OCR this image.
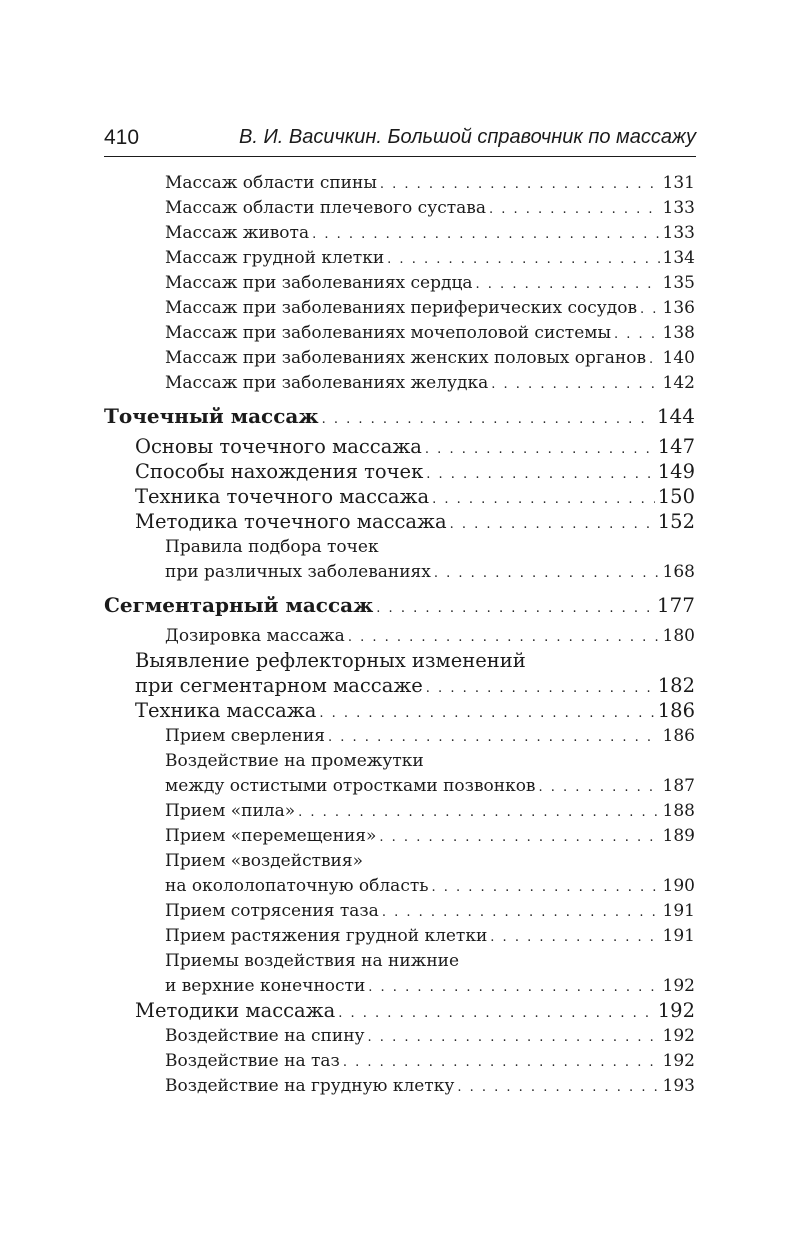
410	В. И. Васичкин. Большой справочник по массажу
Массаж области спины . . .	131
Массаж области плечевого сустава . . .	133
Массаж живота . . .	133
Массаж грудной клетки . . .	134
Массаж при заболеваниях сердца . . .	135
Массаж при заболеваниях периферических сосудов . . . 136
Массаж при заболеваниях мочеполовой системы . . .	138
Массаж при заболеваниях женских половых органов . . . 140
Массаж при заболеваниях желудка . . .	142
Точечный массаж . . .	144
Основы точечного массажа . . .	147
Способы нахождения точек . . .	149
Техника точечного массажа . . .	150
Методика точечного массажа . . .	152
Правила подбора точек
при различных заболеваниях . . .	168
Сегментарный массаж . . .	177
Дозировка массажа . . .	180
Выявление рефлекторных изменений
при сегментарном массаже . . .	182
Техника массажа . . .	186
Прием сверления . . .	186
Воздействие на промежутки
между остистыми отростками позвонков . . .	187
Прием «пила» . . .	188
Прием «перемещения» . . .	189
Прием «воздействия»
на окололопаточную область . . .	190
Прием сотрясения таза . . .	191
Прием растяжения грудной клетки . . .	191
Приемы воздействия на нижние
и верхние конечности . . .	192
Методики массажа . . .	192
Воздействие на спину . . .	192
Воздействие на таз . . .	192
Воздействие на грудную клетку . . .	193
